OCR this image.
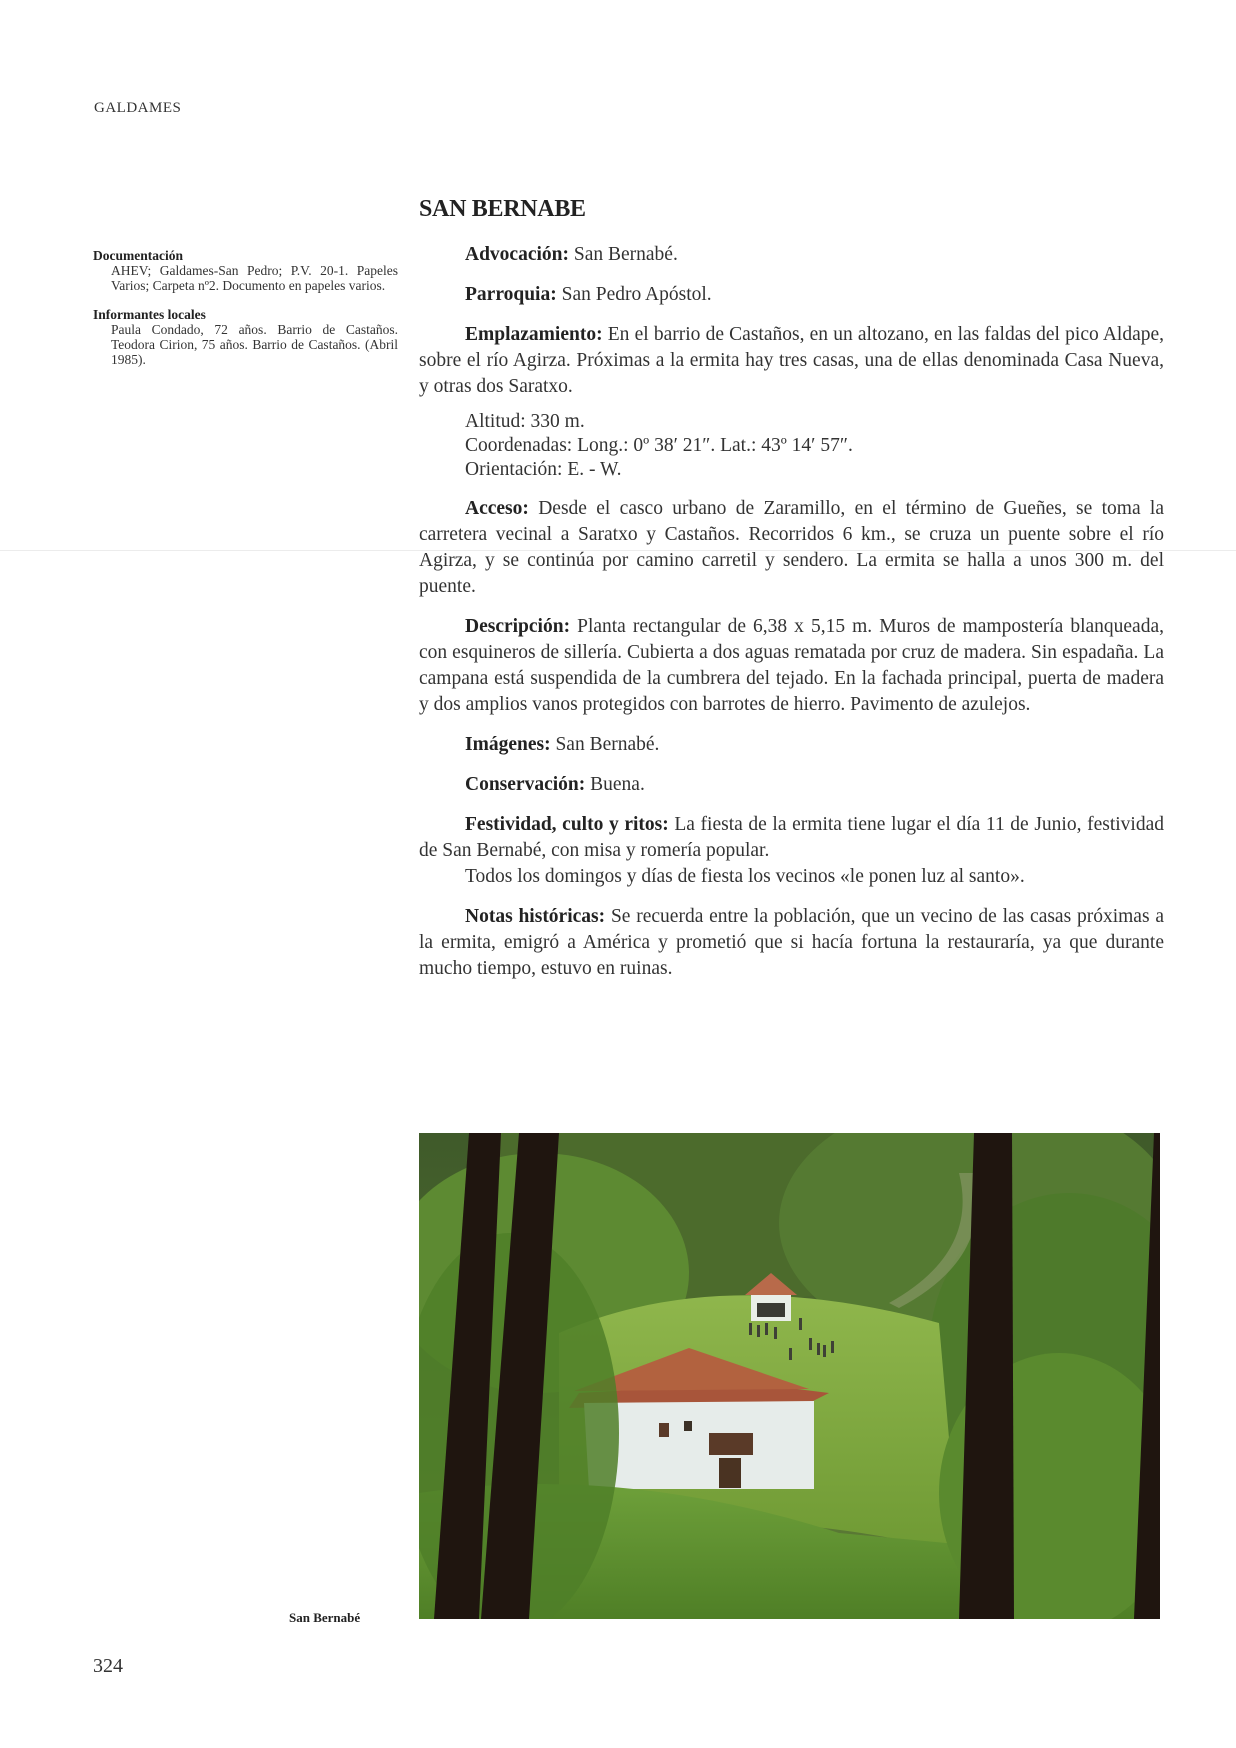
GALDAMES
Documentación

AHEV; Galdames-San Pedro; P.V. 20-1. Papeles Varios; Carpeta nº2. Documento en papeles varios.

Informantes locales

Paula Condado, 72 años. Barrio de Castaños. Teodora Cirion, 75 años. Barrio de Castaños. (Abril 1985).

SAN BERNABE

Advocación: San Bernabé.

Parroquia: San Pedro Apóstol.

Emplazamiento: En el barrio de Castaños, en un altozano, en las faldas del pico Aldape, sobre el río Agirza. Próximas a la ermita hay tres casas, una de ellas denominada Casa Nueva, y otras dos Saratxo.

Altitud: 330 m.
Coordenadas: Long.: 0º 38′ 21″. Lat.: 43º 14′ 57″.
Orientación: E. - W.

Acceso: Desde el casco urbano de Zaramillo, en el término de Gueñes, se toma la carretera vecinal a Saratxo y Castaños. Recorridos 6 km., se cruza un puente sobre el río Agirza, y se continúa por camino carretil y sendero. La ermita se halla a unos 300 m. del puente.

Descripción: Planta rectangular de 6,38 x 5,15 m. Muros de mampostería blanqueada, con esquineros de sillería. Cubierta a dos aguas rematada por cruz de madera. Sin espadaña. La campana está suspendida de la cumbrera del tejado. En la fachada principal, puerta de madera y dos amplios vanos protegidos con barrotes de hierro. Pavimento de azulejos.

Imágenes: San Bernabé.

Conservación: Buena.

Festividad, culto y ritos: La fiesta de la ermita tiene lugar el día 11 de Junio, festividad de San Bernabé, con misa y romería popular.

Todos los domingos y días de fiesta los vecinos «le ponen luz al santo».

Notas históricas: Se recuerda entre la población, que un vecino de las casas próximas a la ermita, emigró a América y prometió que si hacía fortuna la restauraría, ya que durante mucho tiempo, estuvo en ruinas.

San Bernabé
324
